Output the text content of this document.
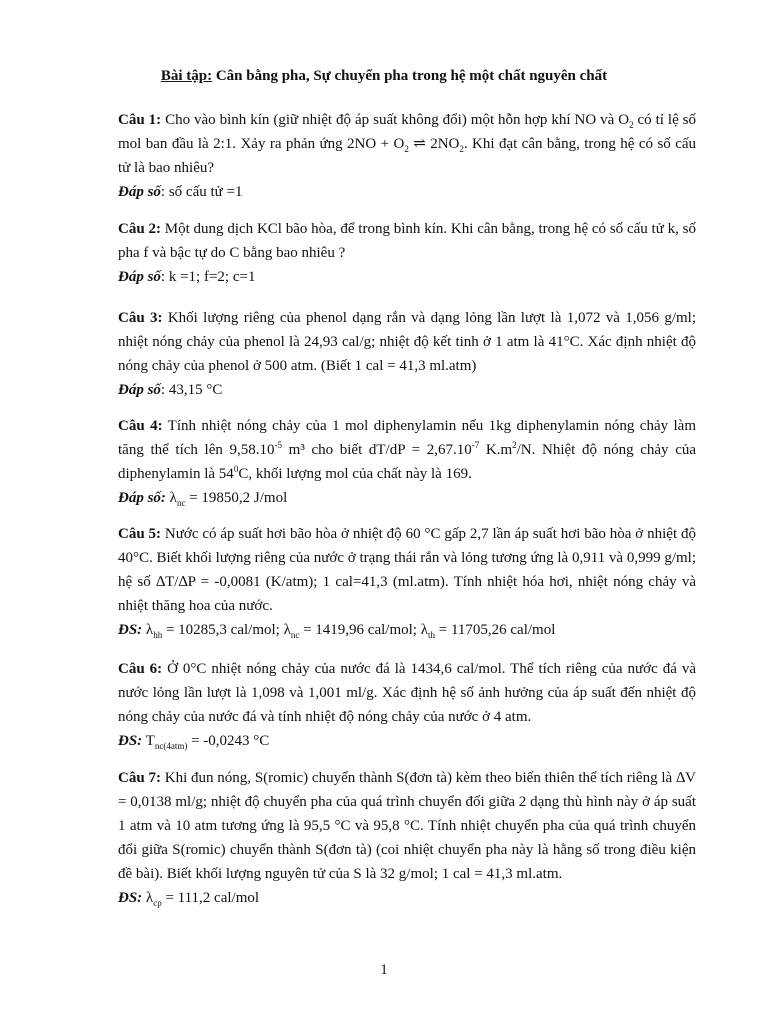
Bài tập: Cân bằng pha, Sự chuyển pha trong hệ một chất nguyên chất

Câu 1: Cho vào bình kín (giữ nhiệt độ áp suất không đổi) một hỗn hợp khí NO và $O_2$ có tỉ lệ số mol ban đầu là 2:1. Xảy ra phản ứng $2NO + O_2$ ⇌ $2NO_2$. Khi đạt cân bằng, trong hệ có số cấu tử là bao nhiêu?

Đáp số: số cấu tử =1

Câu 2: Một dung dịch KCl bão hòa, để trong bình kín. Khi cân bằng, trong hệ có số cấu tử k, số pha f và bậc tự do C bằng bao nhiêu ?

Đáp số: k =1; f=2; c=1

Câu 3: Khối lượng riêng của phenol dạng rắn và dạng lỏng lần lượt là 1,072 và 1,056 g/ml; nhiệt nóng chảy của phenol là 24,93 cal/g; nhiệt độ kết tinh ở 1 atm là 41°C. Xác định nhiệt độ nóng chảy của phenol ở 500 atm. (Biết 1 cal = 41,3 ml.atm)

Đáp số: 43,15 °C

Câu 4: Tính nhiệt nóng chảy của 1 mol diphenylamin nếu 1kg diphenylamin nóng chảy làm tăng thể tích lên $9,58.10^{-5}$ m³ cho biết $dT/dP = 2,67.10^{-7}$ $K.m^2/N$. Nhiệt độ nóng chảy của diphenylamin là $54^0C$, khối lượng mol của chất này là 169.

Đáp số: $\lambda_{nc} = 19850,2$ J/mol

Câu 5: Nước có áp suất hơi bão hòa ở nhiệt độ 60 °C gấp 2,7 lần áp suất hơi bão hòa ở nhiệt độ 40°C. Biết khối lượng riêng của nước ở trạng thái rắn và lỏng tương ứng là 0,911 và 0,999 g/ml; hệ số ∆T/∆P = -0,0081 (K/atm); 1 cal=41,3 (ml.atm). Tính nhiệt hóa hơi, nhiệt nóng chảy và nhiệt thăng hoa của nước.

ĐS: $\lambda_{hh} = 10285,3$ cal/mol; $\lambda_{nc} = 1419,96$ cal/mol; $\lambda_{th} = 11705,26$ cal/mol

Câu 6: Ở 0°C nhiệt nóng chảy của nước đá là 1434,6 cal/mol. Thể tích riêng của nước đá và nước lỏng lần lượt là 1,098 và 1,001 ml/g. Xác định hệ số ảnh hưởng của áp suất đến nhiệt độ nóng chảy của nước đá và tính nhiệt độ nóng chảy của nước ở 4 atm.

ĐS: $T_{nc(4atm)} = -0,0243$ °C

Câu 7: Khi đun nóng, S(romic) chuyển thành S(đơn tà) kèm theo biến thiên thể tích riêng là ∆V = 0,0138 ml/g; nhiệt độ chuyển pha của quá trình chuyển đổi giữa 2 dạng thù hình này ở áp suất 1 atm và 10 atm tương ứng là 95,5 °C và 95,8 °C. Tính nhiệt chuyển pha của quá trình chuyển đổi giữa S(romic) chuyển thành S(đơn tà) (coi nhiệt chuyển pha này là hằng số trong điều kiện đề bài). Biết khối lượng nguyên tử của S là 32 g/mol; 1 cal = 41,3 ml.atm.

ĐS: $\lambda_{cp} = 111,2$ cal/mol

1
